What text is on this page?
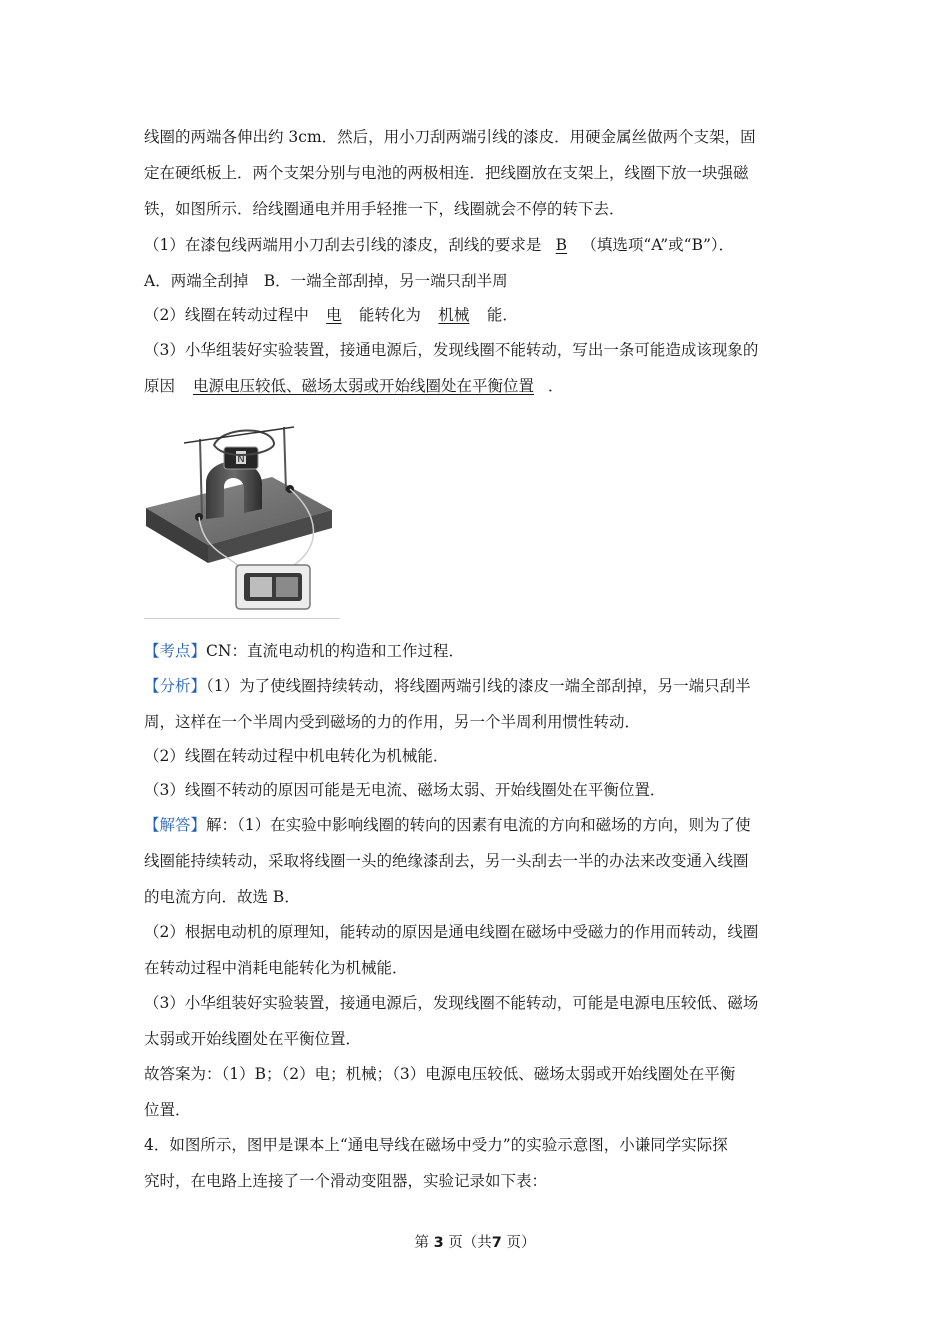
线圈的两端各伸出约 3cm．然后，用小刀刮两端引线的漆皮．用硬金属丝做两个支架，固
定在硬纸板上．两个支架分别与电池的两极相连．把线圈放在支架上，线圈下放一块强磁
铁，如图所示．给线圈通电并用手轻推一下，线圈就会不停的转下去．
（1）在漆包线两端用小刀刮去引线的漆皮，刮线的要求是 B （填选项“A”或“B”）．
A．两端全刮掉　B．一端全部刮掉，另一端只刮半周
（2）线圈在转动过程中 电 能转化为 机械 能．
（3）小华组装好实验装置，接通电源后，发现线圈不能转动，写出一条可能造成该现象的
原因 电源电压较低、磁场太弱或开始线圈处在平衡位置 ．
N
【考点】CN：直流电动机的构造和工作过程．
【分析】（1）为了使线圈持续转动，将线圈两端引线的漆皮一端全部刮掉，另一端只刮半
周，这样在一个半周内受到磁场的力的作用，另一个半周利用惯性转动．
（2）线圈在转动过程中机电转化为机械能．
（3）线圈不转动的原因可能是无电流、磁场太弱、开始线圈处在平衡位置．
【解答】解：（1）在实验中影响线圈的转向的因素有电流的方向和磁场的方向，则为了使
线圈能持续转动，采取将线圈一头的绝缘漆刮去，另一头刮去一半的办法来改变通入线圈
的电流方向．故选 B．
（2）根据电动机的原理知，能转动的原因是通电线圈在磁场中受磁力的作用而转动，线圈
在转动过程中消耗电能转化为机械能．
（3）小华组装好实验装置，接通电源后，发现线圈不能转动，可能是电源电压较低、磁场
太弱或开始线圈处在平衡位置．
故答案为：（1）B；（2）电；机械；（3）电源电压较低、磁场太弱或开始线圈处在平衡
位置．
4．如图所示，图甲是课本上“通电导线在磁场中受力”的实验示意图，小谦同学实际探
究时，在电路上连接了一个滑动变阻器，实验记录如下表：
第 3 页（共7 页）
